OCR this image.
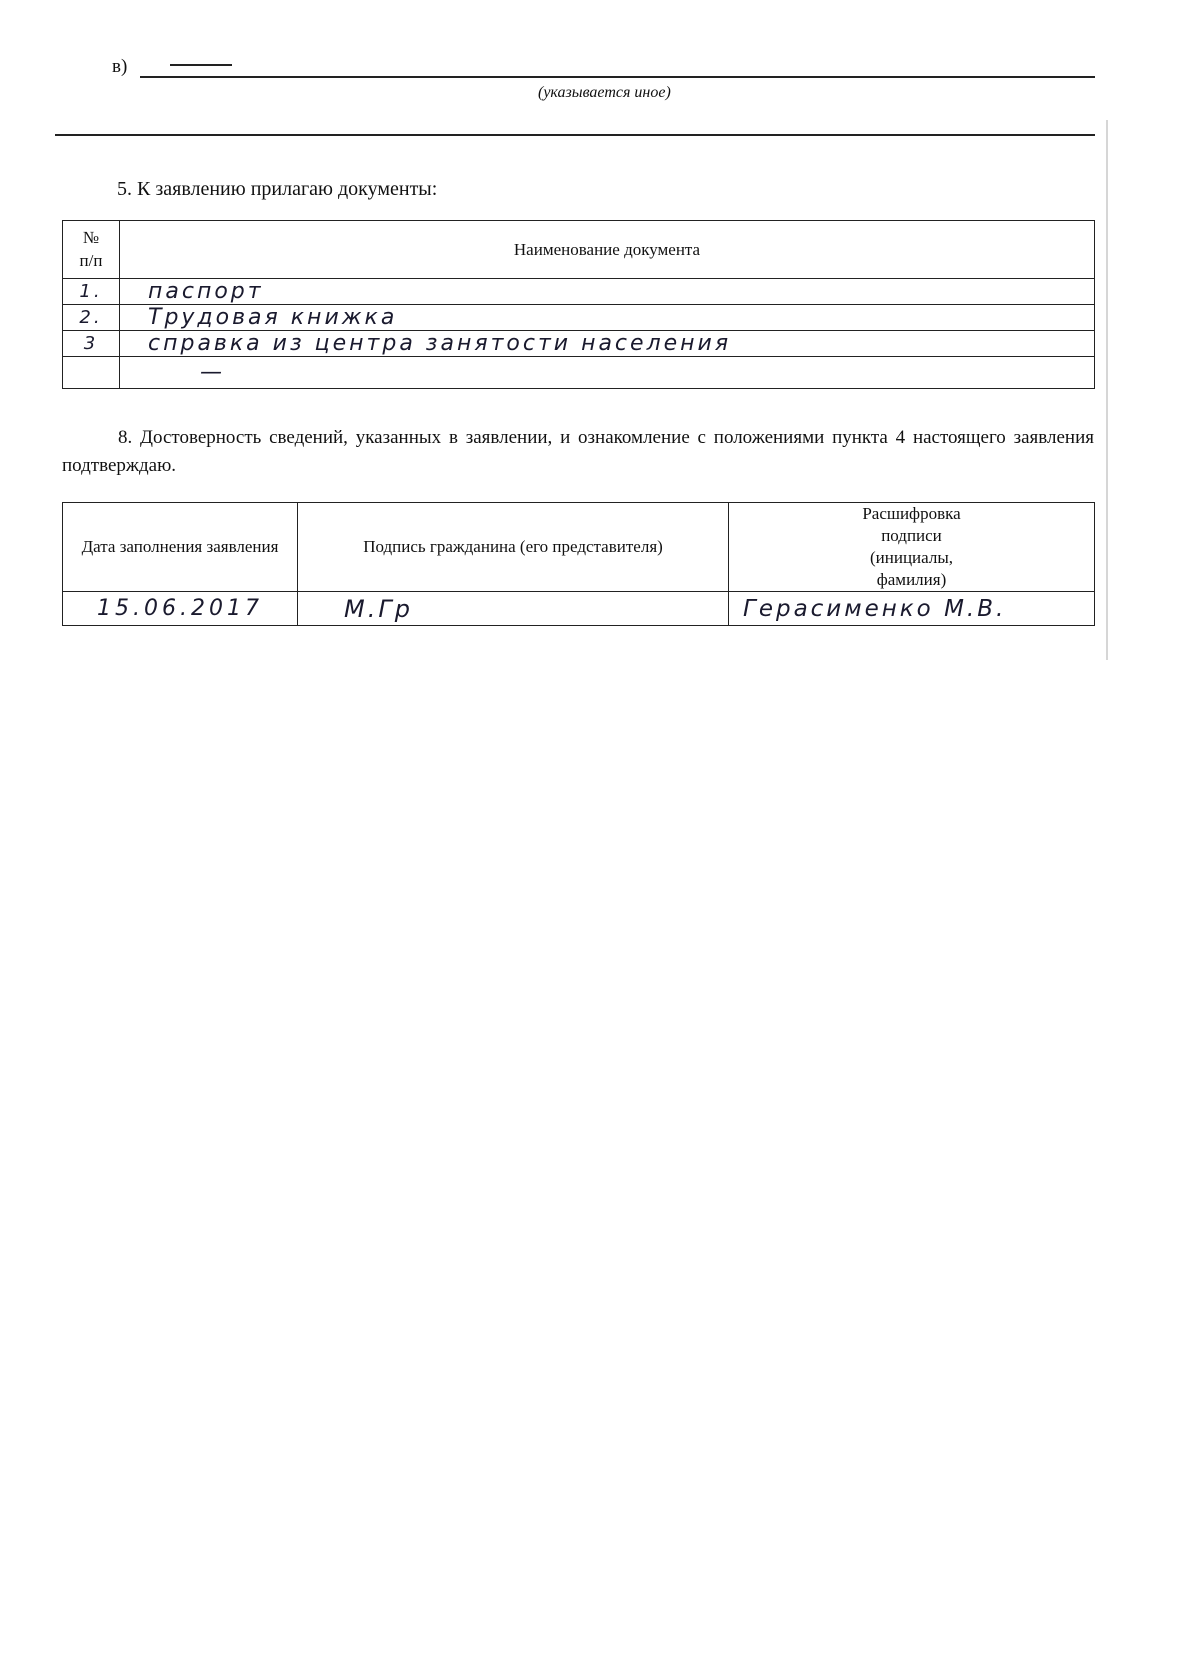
в)
(указывается иное)
5. К заявлению прилагаю документы:
№
п/п	Наименование документа
1.	паспорт
2.	Трудовая книжка
3	справка из центра занятости населения
	—
8. Достоверность сведений, указанных в заявлении, и ознакомление с положениями пункта 4 настоящего заявления подтверждаю.
Дата заполнения заявления	Подпись гражданина (его представителя)	Расшифровка подписи (инициалы, фамилия)
15.06.2017	М.Гр	Герасименко М.В.
